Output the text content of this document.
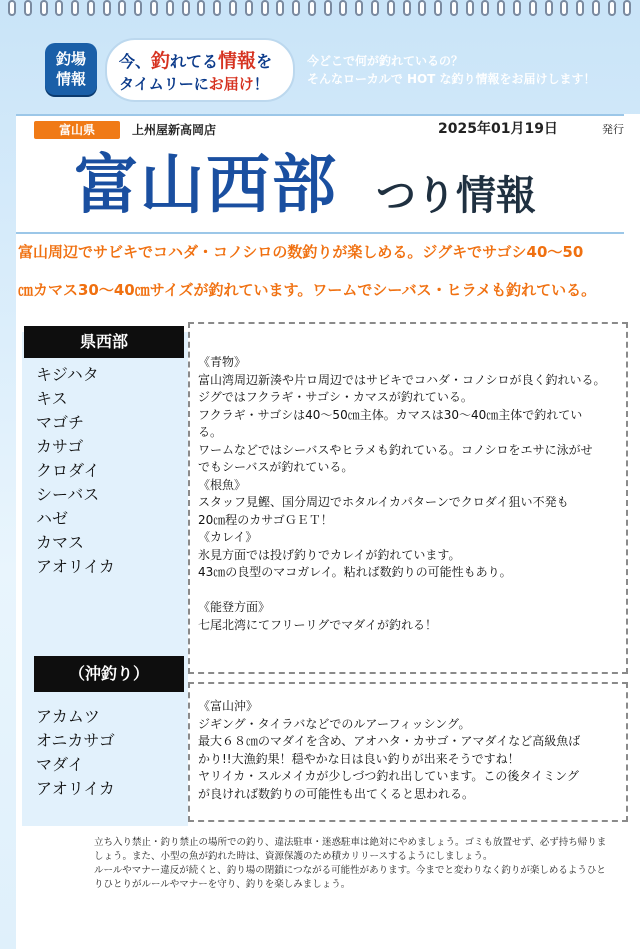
釣場
情報
今、釣れてる情報を
タイムリーにお届け！
今どこで何が釣れているの？
そんなローカルで HOT な釣り情報をお届けします！
富山県	上州屋新高岡店	2025年01月19日	発行
富山西部 つり情報
富山周辺でサビキでコハダ・コノシロの数釣りが楽しめる。ジグキでサゴシ40～50
㎝カマス30～40㎝サイズが釣れています。ワームでシーバス・ヒラメも釣れている。
県西部
キジハタ
キス
マゴチ
カサゴ
クロダイ
シーバス
ハゼ
カマス
アオリイカ
（沖釣り）
アカムツ
オニカサゴ
マダイ
アオリイカ
《青物》
富山湾周辺新湊や片ロ周辺ではサビキでコハダ・コノシロが良く釣れいる。
ジグではフクラギ・サゴシ・カマスが釣れている。
フクラギ・サゴシは40～50㎝主体。カマスは30～40㎝主体で釣れてい
る。
ワームなどではシーバスやヒラメも釣れている。コノシロをエサに泳がせ
でもシーバスが釣れている。
《根魚》
スタッフ見鰹、国分周辺でホタルイカパターンでクロダイ狙い不発も
20㎝程のカサゴＧＥＴ！
《カレイ》
氷見方面では投げ釣りでカレイが釣れています。
43㎝の良型のマコガレイ。粘れば数釣りの可能性もあり。
《能登方面》
七尾北湾にてフリーリグでマダイが釣れる！
《富山沖》
ジギング・タイラバなどでのルアーフィッシング。
最大６８㎝のマダイを含め、アオハタ・カサゴ・アマダイなど高級魚ば
かり!!大漁釣果！穏やかな日は良い釣りが出来そうですね！
ヤリイカ・スルメイカが少しづつ釣れ出しています。この後タイミング
が良ければ数釣りの可能性も出てくると思われる。
立ち入り禁止・釣り禁止の場所での釣り、違法駐車・迷惑駐車は絶対にやめましょう。ゴミも放置せず、必ず持ち帰りま
しょう。また、小型の魚が釣れた時は、資源保護のため積カリリースするようにしましょう。
ルールやマナー違反が続くと、釣り場の閉鎖につながる可能性があります。今までと変わりなく釣りが楽しめるようひと
りひとりがルールやマナーを守り、釣りを楽しみましょう。
